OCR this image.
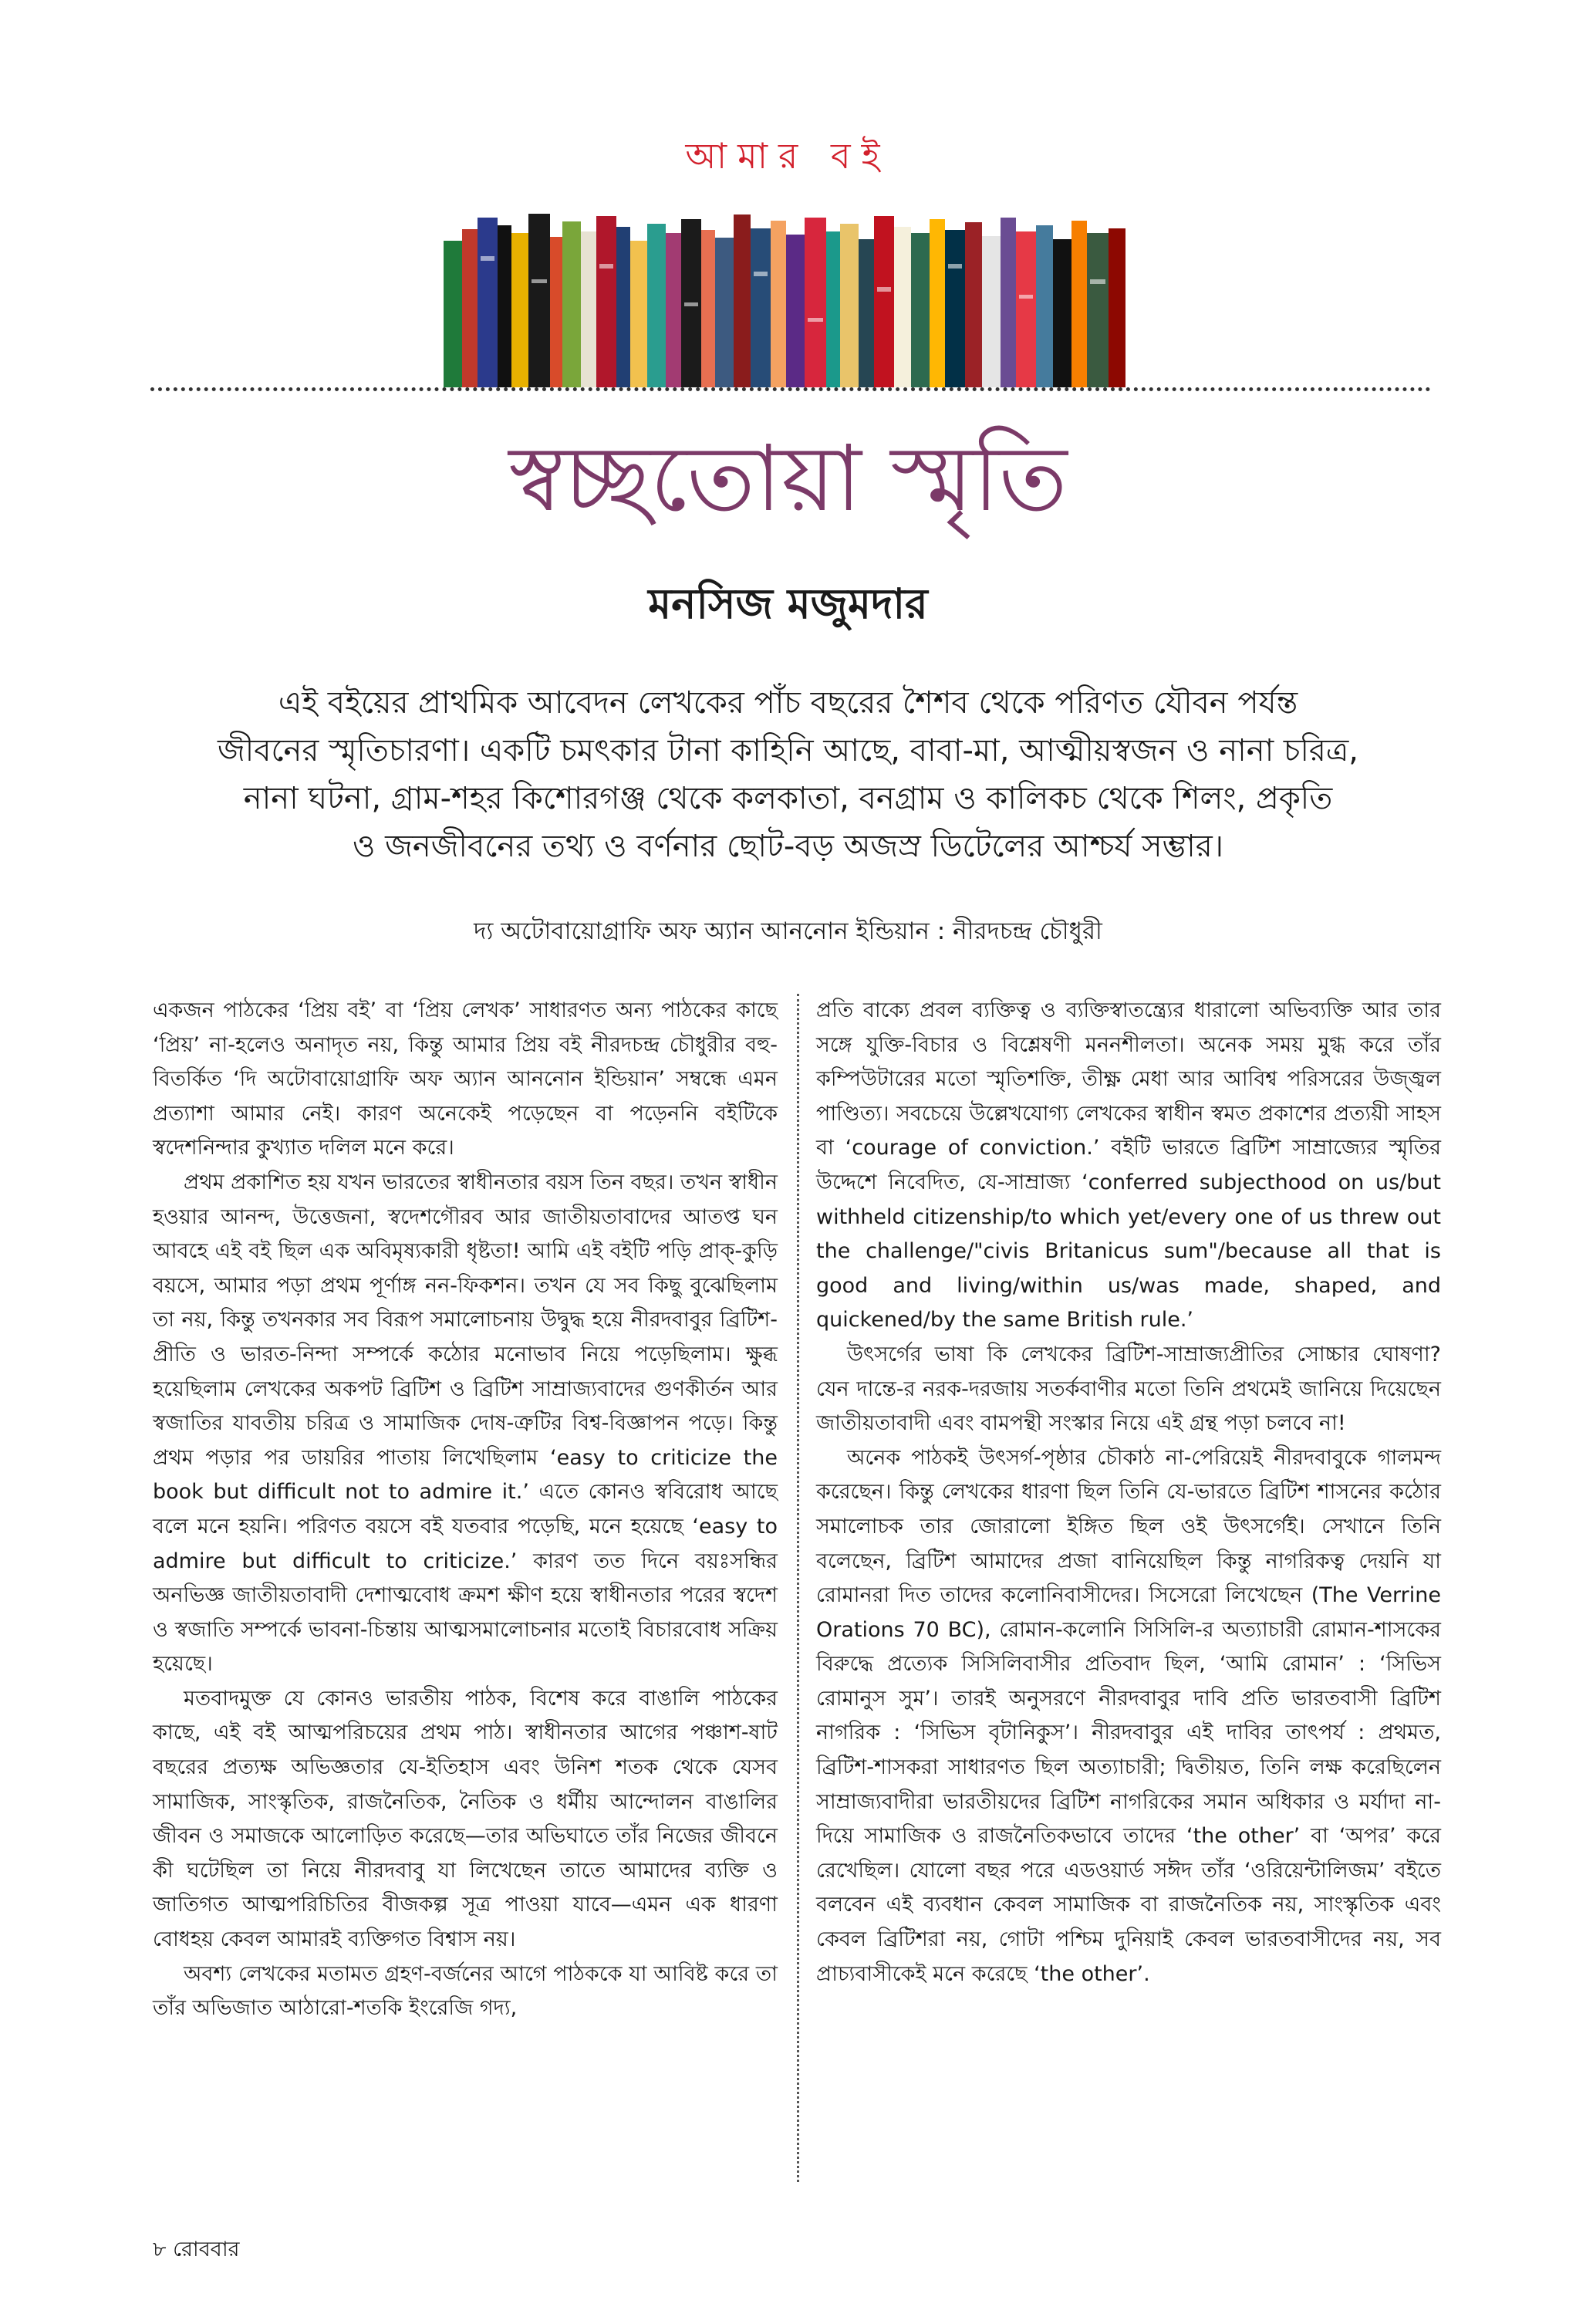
আমার বই
স্বচ্ছতোয়া স্মৃতি
মনসিজ মজুমদার
এই বইয়ের প্রাথমিক আবেদন লেখকের পাঁচ বছরের শৈশব থেকে পরিণত যৌবন পর্যন্ত
জীবনের স্মৃতিচারণা। একটি চমৎকার টানা কাহিনি আছে, বাবা-মা, আত্মীয়স্বজন ও নানা চরিত্র,
নানা ঘটনা, গ্রাম-শহর কিশোরগঞ্জ থেকে কলকাতা, বনগ্রাম ও কালিকচ থেকে শিলং, প্রকৃতি
ও জনজীবনের তথ্য ও বর্ণনার ছোট-বড় অজস্র ডিটেলের আশ্চর্য সম্ভার।
দ্য অটোবায়োগ্রাফি অফ অ্যান আননোন ইন্ডিয়ান : নীরদচন্দ্র চৌধুরী

একজন পাঠকের ‘প্রিয় বই’ বা ‘প্রিয় লেখক’ সাধারণত অন্য পাঠকের কাছে ‘প্রিয়’ না-হলেও অনাদৃত নয়, কিন্তু আমার প্রিয় বই নীরদচন্দ্র চৌধুরীর বহু-বিতর্কিত ‘দি অটোবায়োগ্রাফি অফ অ্যান আননোন ইন্ডিয়ান’ সম্বন্ধে এমন প্রত্যাশা আমার নেই। কারণ অনেকেই পড়েছেন বা পড়েননি বইটিকে স্বদেশনিন্দার কুখ্যাত দলিল মনে করে।

প্রথম প্রকাশিত হয় যখন ভারতের স্বাধীনতার বয়স তিন বছর। তখন স্বাধীন হওয়ার আনন্দ, উত্তেজনা, স্বদেশগৌরব আর জাতীয়তাবাদের আতপ্ত ঘন আবহে এই বই ছিল এক অবিমৃষ্যকারী ধৃষ্টতা! আমি এই বইটি পড়ি প্রাক্‌-কুড়ি বয়সে, আমার পড়া প্রথম পূর্ণাঙ্গ নন-ফিকশন। তখন যে সব কিছু বুঝেছিলাম তা নয়, কিন্তু তখনকার সব বিরূপ সমালোচনায় উদ্বুদ্ধ হয়ে নীরদবাবুর ব্রিটিশ-প্রীতি ও ভারত-নিন্দা সম্পর্কে কঠোর মনোভাব নিয়ে পড়েছিলাম। ক্ষুব্ধ হয়েছিলাম লেখকের অকপট ব্রিটিশ ও ব্রিটিশ সাম্রাজ্যবাদের গুণকীর্তন আর স্বজাতির যাবতীয় চরিত্র ও সামাজিক দোষ-ত্রুটির বিশ্ব-বিজ্ঞাপন পড়ে। কিন্তু প্রথম পড়ার পর ডায়রির পাতায় লিখেছিলাম ‘easy to criticize the book but difficult not to admire it.’ এতে কোনও স্ববিরোধ আছে বলে মনে হয়নি। পরিণত বয়সে বই যতবার পড়েছি, মনে হয়েছে ‘easy to admire but difficult to criticize.’ কারণ তত দিনে বয়ঃসন্ধির অনভিজ্ঞ জাতীয়তাবাদী দেশাত্মবোধ ক্রমশ ক্ষীণ হয়ে স্বাধীনতার পরের স্বদেশ ও স্বজাতি সম্পর্কে ভাবনা-চিন্তায় আত্মসমালোচনার মতোই বিচারবোধ সক্রিয় হয়েছে।

মতবাদমুক্ত যে কোনও ভারতীয় পাঠক, বিশেষ করে বাঙালি পাঠকের কাছে, এই বই আত্মপরিচয়ের প্রথম পাঠ। স্বাধীনতার আগের পঞ্চাশ-ষাট বছরের প্রত্যক্ষ অভিজ্ঞতার যে-ইতিহাস এবং উনিশ শতক থেকে যেসব সামাজিক, সাংস্কৃতিক, রাজনৈতিক, নৈতিক ও ধর্মীয় আন্দোলন বাঙালির জীবন ও সমাজকে আলোড়িত করেছে—তার অভিঘাতে তাঁর নিজের জীবনে কী ঘটেছিল তা নিয়ে নীরদবাবু যা লিখেছেন তাতে আমাদের ব্যক্তি ও জাতিগত আত্মপরিচিতির বীজকল্প সূত্র পাওয়া যাবে—এমন এক ধারণা বোধহয় কেবল আমারই ব্যক্তিগত বিশ্বাস নয়।

অবশ্য লেখকের মতামত গ্রহণ-বর্জনের আগে পাঠককে যা আবিষ্ট করে তা তাঁর অভিজাত আঠারো-শতকি ইংরেজি গদ্য,

প্রতি বাক্যে প্রবল ব্যক্তিত্ব ও ব্যক্তিস্বাতন্ত্র্যের ধারালো অভিব্যক্তি আর তার সঙ্গে যুক্তি-বিচার ও বিশ্লেষণী মননশীলতা। অনেক সময় মুগ্ধ করে তাঁর কম্পিউটারের মতো স্মৃতিশক্তি, তীক্ষ্ণ মেধা আর আবিশ্ব পরিসরের উজ্জ্বল পাণ্ডিত্য। সবচেয়ে উল্লেখযোগ্য লেখকের স্বাধীন স্বমত প্রকাশের প্রত্যয়ী সাহস বা ‘courage of conviction.’ বইটি ভারতে ব্রিটিশ সাম্রাজ্যের স্মৃতির উদ্দেশে নিবেদিত, যে-সাম্রাজ্য ‘conferred subjecthood on us/but withheld citizenship/to which yet/every one of us threw out the challenge/"civis Britanicus sum"/because all that is good and living/within us/was made, shaped, and quickened/by the same British rule.’

উৎসর্গের ভাষা কি লেখকের ব্রিটিশ-সাম্রাজ্যপ্রীতির সোচ্চার ঘোষণা? যেন দান্তে-র নরক-দরজায় সতর্কবাণীর মতো তিনি প্রথমেই জানিয়ে দিয়েছেন জাতীয়তাবাদী এবং বামপন্থী সংস্কার নিয়ে এই গ্রন্থ পড়া চলবে না!

অনেক পাঠকই উৎসর্গ-পৃষ্ঠার চৌকাঠ না-পেরিয়েই নীরদবাবুকে গালমন্দ করেছেন। কিন্তু লেখকের ধারণা ছিল তিনি যে-ভারতে ব্রিটিশ শাসনের কঠোর সমালোচক তার জোরালো ইঙ্গিত ছিল ওই উৎসর্গেই। সেখানে তিনি বলেছেন, ব্রিটিশ আমাদের প্রজা বানিয়েছিল কিন্তু নাগরিকত্ব দেয়নি যা রোমানরা দিত তাদের কলোনিবাসীদের। সিসেরো লিখেছেন (The Verrine Orations 70 BC), রোমান-কলোনি সিসিলি-র অত্যাচারী রোমান-শাসকের বিরুদ্ধে প্রত্যেক সিসিলিবাসীর প্রতিবাদ ছিল, ‘আমি রোমান’ : ‘সিভিস রোমানুস সুম’। তারই অনুসরণে নীরদবাবুর দাবি প্রতি ভারতবাসী ব্রিটিশ নাগরিক : ‘সিভিস বৃটানিকুস’। নীরদবাবুর এই দাবির তাৎপর্য : প্রথমত, ব্রিটিশ-শাসকরা সাধারণত ছিল অত্যাচারী; দ্বিতীয়ত, তিনি লক্ষ করেছিলেন সাম্রাজ্যবাদীরা ভারতীয়দের ব্রিটিশ নাগরিকের সমান অধিকার ও মর্যাদা না-দিয়ে সামাজিক ও রাজনৈতিকভাবে তাদের ‘the other’ বা ‘অপর’ করে রেখেছিল। যোলো বছর পরে এডওয়ার্ড সঈদ তাঁর ‘ওরিয়েন্টালিজম’ বইতে বলবেন এই ব্যবধান কেবল সামাজিক বা রাজনৈতিক নয়, সাংস্কৃতিক এবং কেবল ব্রিটিশরা নয়, গোটা পশ্চিম দুনিয়াই কেবল ভারতবাসীদের নয়, সব প্রাচ্যবাসীকেই মনে করেছে ‘the other’.

৮ রোববার
